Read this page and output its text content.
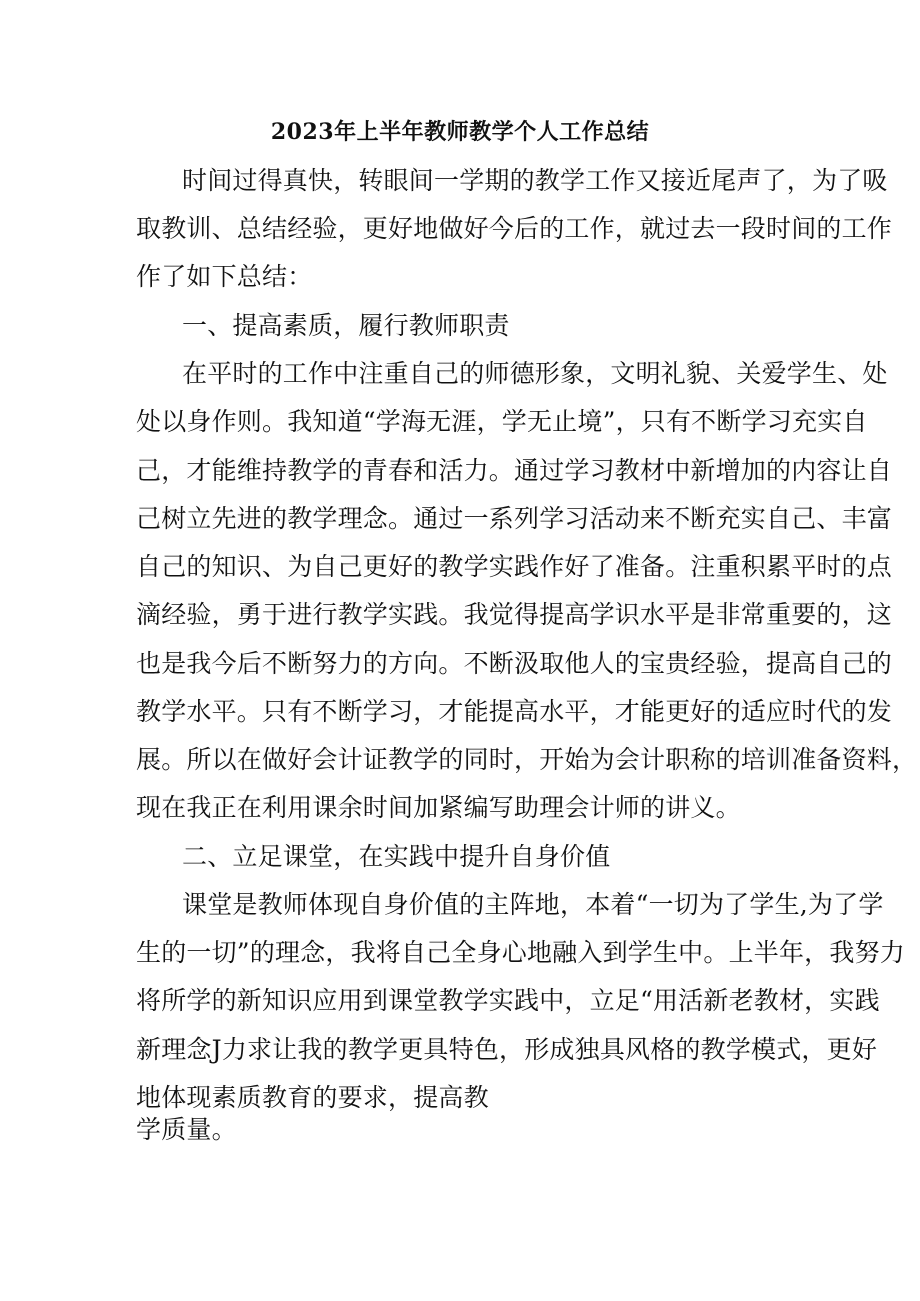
2023年上半年教师教学个人工作总结
时间过得真快，转眼间一学期的教学工作又接近尾声了，为了吸
取教训、总结经验，更好地做好今后的工作，就过去一段时间的工作
作了如下总结：
一、提高素质，履行教师职责
在平时的工作中注重自己的师德形象，文明礼貌、关爱学生、处
处以身作则。我知道“学海无涯，学无止境”，只有不断学习充实自
己，才能维持教学的青春和活力。通过学习教材中新增加的内容让自
己树立先进的教学理念。通过一系列学习活动来不断充实自己、丰富
自己的知识、为自己更好的教学实践作好了准备。注重积累平时的点
滴经验，勇于进行教学实践。我觉得提高学识水平是非常重要的，这
也是我今后不断努力的方向。不断汲取他人的宝贵经验，提高自己的
教学水平。只有不断学习，才能提高水平，才能更好的适应时代的发
展。所以在做好会计证教学的同时，开始为会计职称的培训准备资料，
现在我正在利用课余时间加紧编写助理会计师的讲义。
二、立足课堂，在实践中提升自身价值
课堂是教师体现自身价值的主阵地，本着“一切为了学生,为了学
生的一切”的理念，我将自己全身心地融入到学生中。上半年，我努力
将所学的新知识应用到课堂教学实践中，立足“用活新老教材，实践
新理念J力求让我的教学更具特色，形成独具风格的教学模式，更好
地体现素质教育的要求，提高教
学质量。
